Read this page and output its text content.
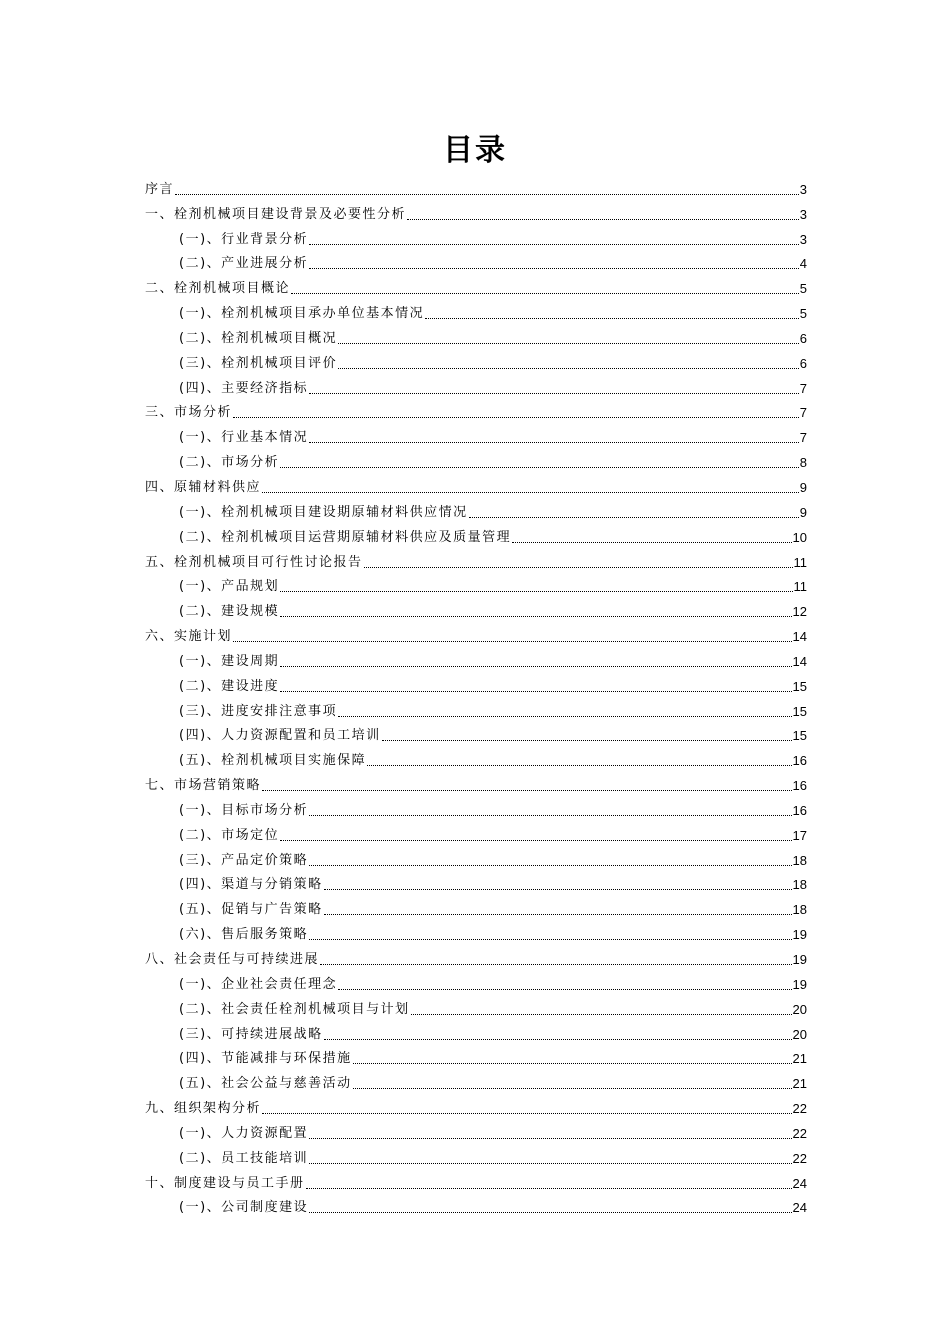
目录
序言	3
一、栓剂机械项目建设背景及必要性分析	3
(一)、行业背景分析	3
(二)、产业进展分析	4
二、栓剂机械项目概论	5
(一)、栓剂机械项目承办单位基本情况	5
(二)、栓剂机械项目概况	6
(三)、栓剂机械项目评价	6
(四)、主要经济指标	7
三、市场分析	7
(一)、行业基本情况	7
(二)、市场分析	8
四、原辅材料供应	9
(一)、栓剂机械项目建设期原辅材料供应情况	9
(二)、栓剂机械项目运营期原辅材料供应及质量管理	10
五、栓剂机械项目可行性讨论报告	11
(一)、产品规划	11
(二)、建设规模	12
六、实施计划	14
(一)、建设周期	14
(二)、建设进度	15
(三)、进度安排注意事项	15
(四)、人力资源配置和员工培训	15
(五)、栓剂机械项目实施保障	16
七、市场营销策略	16
(一)、目标市场分析	16
(二)、市场定位	17
(三)、产品定价策略	18
(四)、渠道与分销策略	18
(五)、促销与广告策略	18
(六)、售后服务策略	19
八、社会责任与可持续进展	19
(一)、企业社会责任理念	19
(二)、社会责任栓剂机械项目与计划	20
(三)、可持续进展战略	20
(四)、节能减排与环保措施	21
(五)、社会公益与慈善活动	21
九、组织架构分析	22
(一)、人力资源配置	22
(二)、员工技能培训	22
十、制度建设与员工手册	24
(一)、公司制度建设	24
